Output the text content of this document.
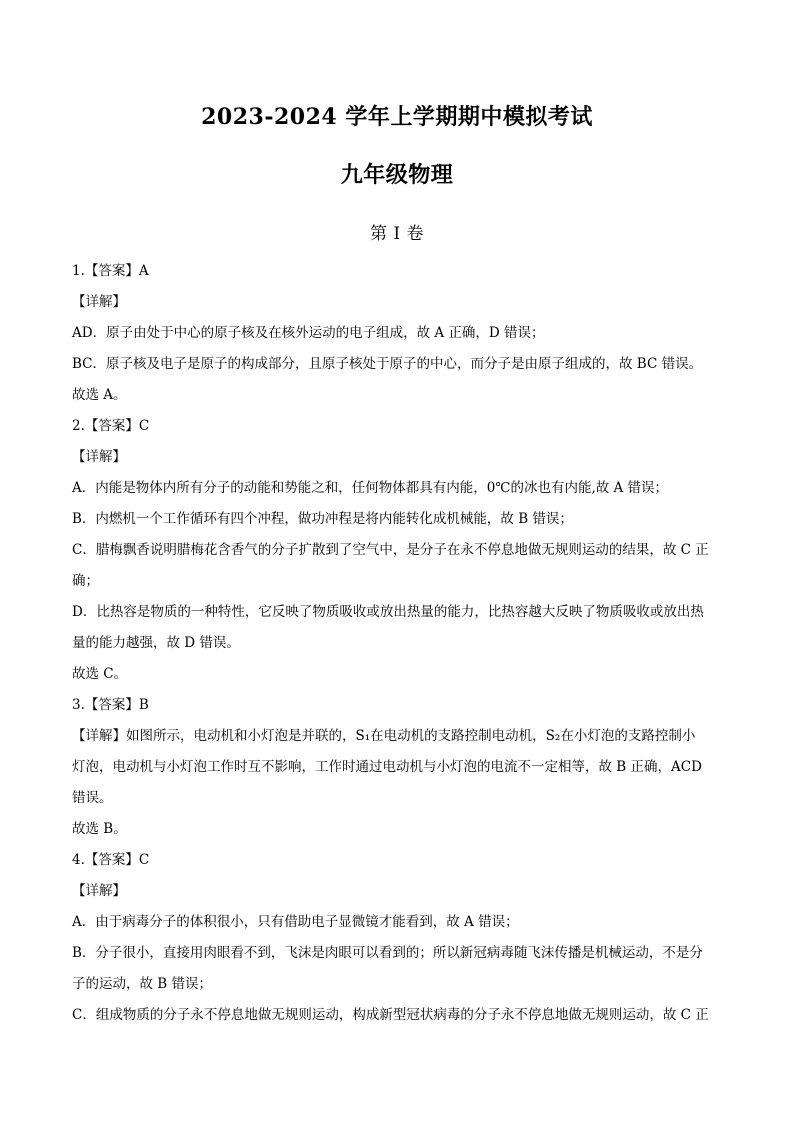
2023-2024 学年上学期期中模拟考试
九年级物理
第 I 卷
1.【答案】A
【详解】
AD．原子由处于中心的原子核及在核外运动的电子组成，故 A 正确，D 错误；
BC．原子核及电子是原子的构成部分，且原子核处于原子的中心，而分子是由原子组成的，故 BC 错误。
故选 A。
2.【答案】C
【详解】
A．内能是物体内所有分子的动能和势能之和，任何物体都具有内能，0℃的冰也有内能,故 A 错误；
B．内燃机一个工作循环有四个冲程，做功冲程是将内能转化成机械能，故 B 错误；
C．腊梅飘香说明腊梅花含香气的分子扩散到了空气中，是分子在永不停息地做无规则运动的结果，故 C 正
确；
D．比热容是物质的一种特性，它反映了物质吸收或放出热量的能力，比热容越大反映了物质吸收或放出热
量的能力越强，故 D 错误。
故选 C。
3.【答案】B
【详解】如图所示，电动机和小灯泡是并联的，S₁在电动机的支路控制电动机，S₂在小灯泡的支路控制小
灯泡，电动机与小灯泡工作时互不影响，工作时通过电动机与小灯泡的电流不一定相等，故 B 正确，ACD
错误。
故选 B。
4.【答案】C
【详解】
A．由于病毒分子的体积很小，只有借助电子显微镜才能看到，故 A 错误；
B．分子很小，直接用肉眼看不到，飞沫是肉眼可以看到的；所以新冠病毒随飞沫传播是机械运动，不是分
子的运动，故 B 错误；
C．组成物质的分子永不停息地做无规则运动，构成新型冠状病毒的分子永不停息地做无规则运动，故 C 正
